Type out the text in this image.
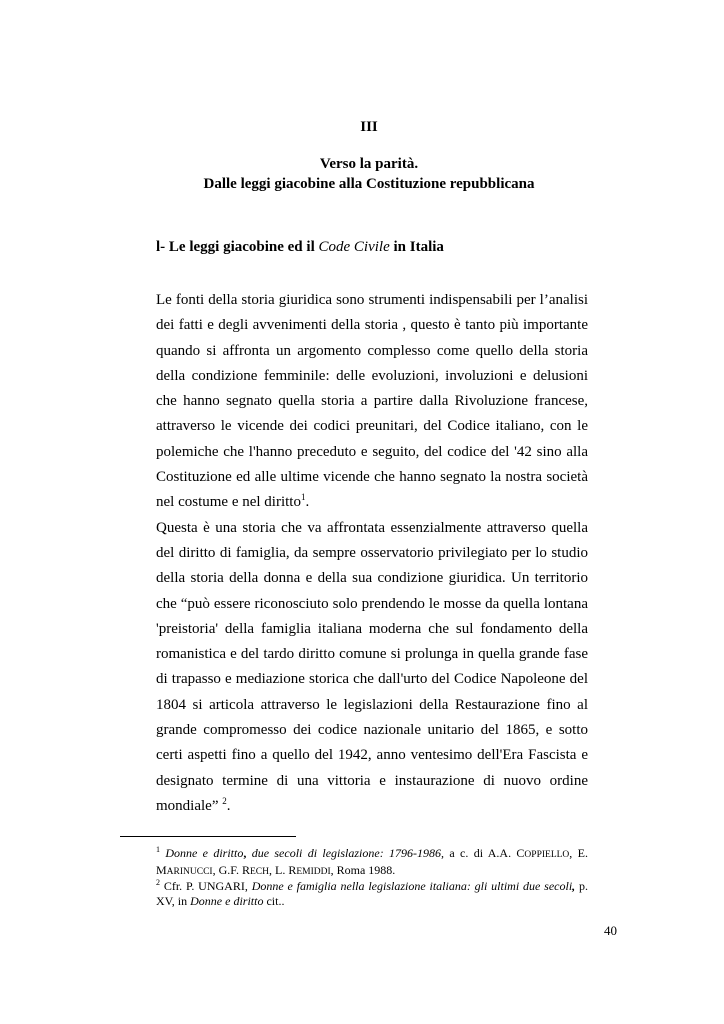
III
Verso la parità.
Dalle leggi giacobine alla Costituzione repubblicana
l- Le leggi giacobine ed il Code Civile in Italia

Le fonti della storia giuridica sono strumenti indispensabili per l’analisi dei fatti e degli avvenimenti della storia , questo è tanto più importante quando si affronta un argomento complesso come quello della storia della condizione femminile: delle evoluzioni, involuzioni e delusioni che hanno segnato quella storia a partire dalla Rivoluzione francese, attraverso le vicende dei codici preunitari, del Codice italiano, con le polemiche che l'hanno preceduto e seguito, del codice del '42 sino alla Costituzione ed alle ultime vicende che hanno segnato la nostra società nel costume e nel diritto$^1$.

Questa è una storia che va affrontata essenzialmente attraverso quella del diritto di famiglia, da sempre osservatorio privilegiato per lo studio della storia della donna e della sua condizione giuridica. Un territorio che “può essere riconosciuto solo prendendo le mosse da quella lontana 'preistoria' della famiglia italiana moderna che sul fondamento della romanistica e del tardo diritto comune si prolunga in quella grande fase di trapasso e mediazione storica che dall'urto del Codice Napoleone del 1804 si articola attraverso le legislazioni della Restaurazione fino al grande compromesso dei codice nazionale unitario del 1865, e sotto certi aspetti fino a quello del 1942, anno ventesimo dell'Era Fascista e designato termine di una vittoria e instaurazione di nuovo ordine mondiale” $^2$.

$^1$ Donne e diritto, due secoli di legislazione: 1796-1986, a c. di A.A. COPPIELLO, E. MARINUCCI, G.F. RECH, L. REMIDDI, Roma 1988.

$^2$ Cfr. P. UNGARI, Donne e famiglia nella legislazione italiana: gli ultimi due secoli, p. XV, in Donne e diritto cit..

40
